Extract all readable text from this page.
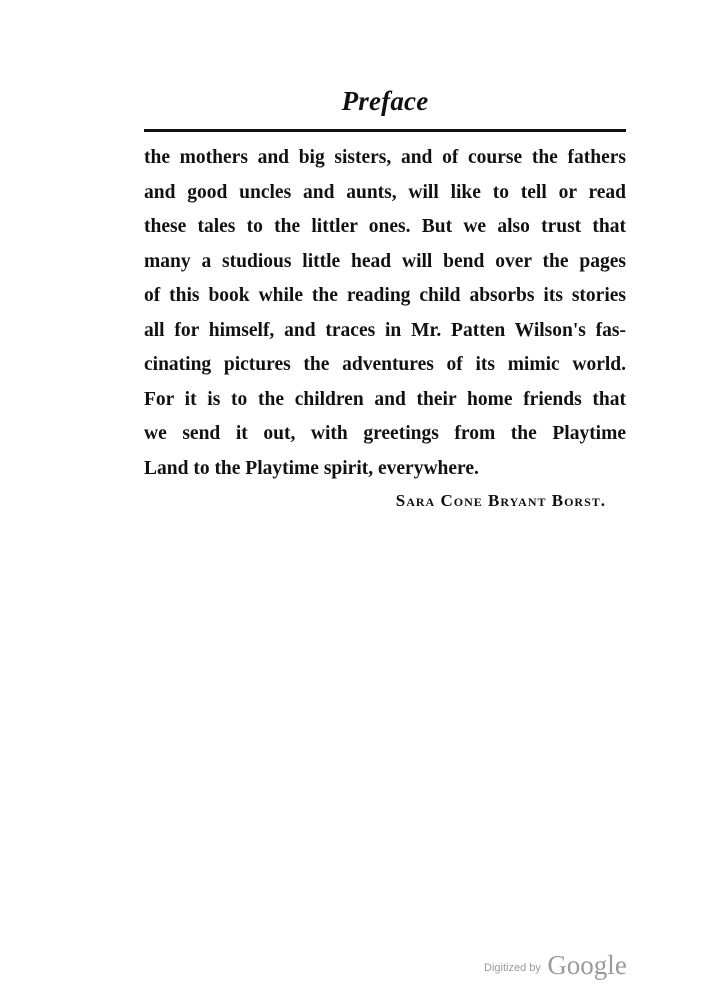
Preface
the mothers and big sisters, and of course the fathers
and good uncles and aunts, will like to tell or read
these tales to the littler ones. But we also trust that
many a studious little head will bend over the pages
of this book while the reading child absorbs its stories
all for himself, and traces in Mr. Patten Wilson's fas-
cinating pictures the adventures of its mimic world.
For it is to the children and their home friends that
we send it out, with greetings from the Playtime
Land to the Playtime spirit, everywhere.
Sara Cone Bryant Borst.
Digitized by Google
